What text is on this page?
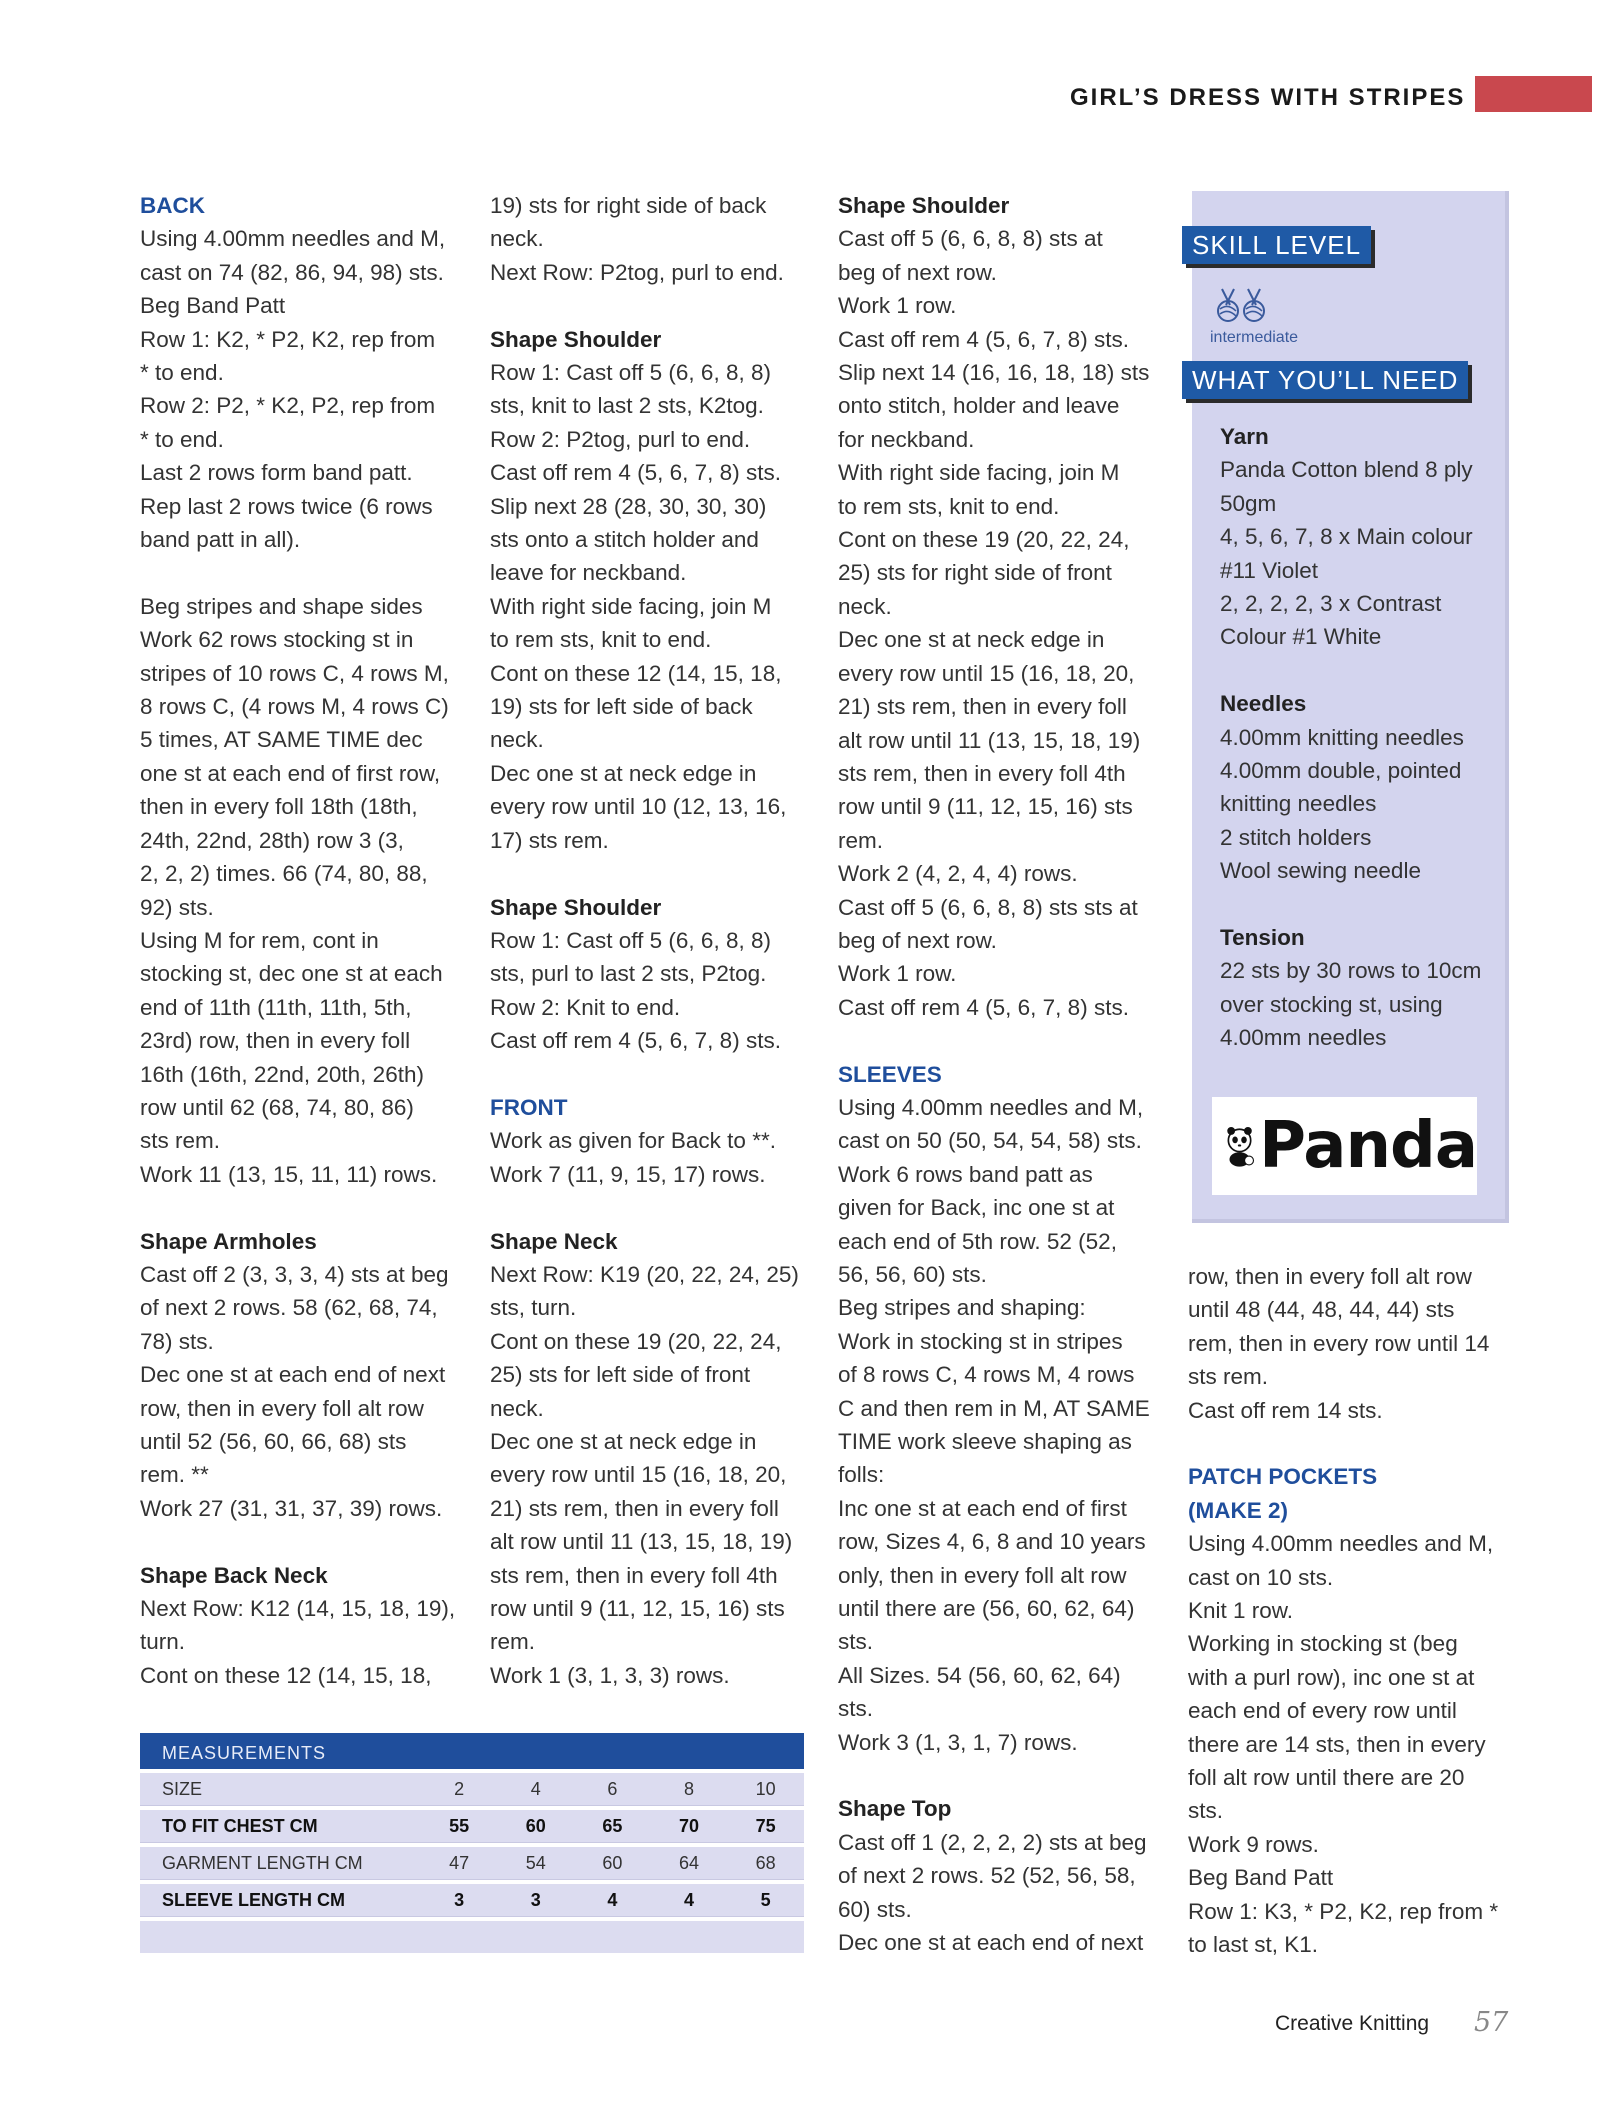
GIRL’S DRESS WITH STRIPES
BACK
Using 4.00mm needles and M,
cast on 74 (82, 86, 94, 98) sts.
Beg Band Patt
Row 1: K2, * P2, K2, rep from
* to end.
Row 2: P2, * K2, P2, rep from
* to end.
Last 2 rows form band patt.
Rep last 2 rows twice (6 rows
band patt in all).
Beg stripes and shape sides
Work 62 rows stocking st in
stripes of 10 rows C, 4 rows M,
8 rows C, (4 rows M, 4 rows C)
5 times, AT SAME TIME dec
one st at each end of first row,
then in every foll 18th (18th,
24th, 22nd, 28th) row 3 (3,
2, 2, 2) times. 66 (74, 80, 88,
92) sts.
Using M for rem, cont in
stocking st, dec one st at each
end of 11th (11th, 11th, 5th,
23rd) row, then in every foll
16th (16th, 22nd, 20th, 26th)
row until 62 (68, 74, 80, 86)
sts rem.
Work 11 (13, 15, 11, 11) rows.
Shape Armholes
Cast off 2 (3, 3, 3, 4) sts at beg
of next 2 rows. 58 (62, 68, 74,
78) sts.
Dec one st at each end of next
row, then in every foll alt row
until 52 (56, 60, 66, 68) sts
rem. **
Work 27 (31, 31, 37, 39) rows.
Shape Back Neck
Next Row: K12 (14, 15, 18, 19),
turn.
Cont on these 12 (14, 15, 18,
19) sts for right side of back
neck.
Next Row: P2tog, purl to end.
Shape Shoulder
Row 1: Cast off 5 (6, 6, 8, 8)
sts, knit to last 2 sts, K2tog.
Row 2: P2tog, purl to end.
Cast off rem 4 (5, 6, 7, 8) sts.
Slip next 28 (28, 30, 30, 30)
sts onto a stitch holder and
leave for neckband.
With right side facing, join M
to rem sts, knit to end.
Cont on these 12 (14, 15, 18,
19) sts for left side of back
neck.
Dec one st at neck edge in
every row until 10 (12, 13, 16,
17) sts rem.
Shape Shoulder
Row 1: Cast off 5 (6, 6, 8, 8)
sts, purl to last 2 sts, P2tog.
Row 2: Knit to end.
Cast off rem 4 (5, 6, 7, 8) sts.
FRONT
Work as given for Back to **.
Work 7 (11, 9, 15, 17) rows.
Shape Neck
Next Row: K19 (20, 22, 24, 25)
sts, turn.
Cont on these 19 (20, 22, 24,
25) sts for left side of front
neck.
Dec one st at neck edge in
every row until 15 (16, 18, 20,
21) sts rem, then in every foll
alt row until 11 (13, 15, 18, 19)
sts rem, then in every foll 4th
row until 9 (11, 12, 15, 16) sts
rem.
Work 1 (3, 1, 3, 3) rows.
Shape Shoulder
Cast off 5 (6, 6, 8, 8) sts at
beg of next row.
Work 1 row.
Cast off rem 4 (5, 6, 7, 8) sts.
Slip next 14 (16, 16, 18, 18) sts
onto stitch, holder and leave
for neckband.
With right side facing, join M
to rem sts, knit to end.
Cont on these 19 (20, 22, 24,
25) sts for right side of front
neck.
Dec one st at neck edge in
every row until 15 (16, 18, 20,
21) sts rem, then in every foll
alt row until 11 (13, 15, 18, 19)
sts rem, then in every foll 4th
row until 9 (11, 12, 15, 16) sts
rem.
Work 2 (4, 2, 4, 4) rows.
Cast off 5 (6, 6, 8, 8) sts sts at
beg of next row.
Work 1 row.
Cast off rem 4 (5, 6, 7, 8) sts.
SLEEVES
Using 4.00mm needles and M,
cast on 50 (50, 54, 54, 58) sts.
Work 6 rows band patt as
given for Back, inc one st at
each end of 5th row. 52 (52,
56, 56, 60) sts.
Beg stripes and shaping:
Work in stocking st in stripes
of 8 rows C, 4 rows M, 4 rows
C and then rem in M, AT SAME
TIME work sleeve shaping as
folls:
Inc one st at each end of first
row, Sizes 4, 6, 8 and 10 years
only, then in every foll alt row
until there are (56, 60, 62, 64)
sts.
All Sizes. 54 (56, 60, 62, 64)
sts.
Work 3 (1, 3, 1, 7) rows.
Shape Top
Cast off 1 (2, 2, 2, 2) sts at beg
of next 2 rows. 52 (52, 56, 58,
60) sts.
Dec one st at each end of next
row, then in every foll alt row
until 48 (44, 48, 44, 44) sts
rem, then in every row until 14
sts rem.
Cast off rem 14 sts.
PATCH POCKETS
(MAKE 2)
Using 4.00mm needles and M,
cast on 10 sts.
Knit 1 row.
Working in stocking st (beg
with a purl row), inc one st at
each end of every row until
there are 14 sts, then in every
foll alt row until there are 20
sts.
Work 9 rows.
Beg Band Patt
Row 1: K3, * P2, K2, rep from *
to last st, K1.
SKILL LEVEL
intermediate
WHAT YOU’LL NEED
Yarn
Panda Cotton blend 8 ply
50gm
4, 5, 6, 7, 8 x Main colour
#11 Violet
2, 2, 2, 2, 3 x Contrast
Colour #1 White
Needles
4.00mm knitting needles
4.00mm double, pointed
knitting needles
2 stitch holders
Wool sewing needle
Tension
22 sts by 30 rows to 10cm
over stocking st, using
4.00mm needles
Panda
MEASUREMENTS
SIZE	2	4	6	8	10
TO FIT CHEST CM	55	60	65	70	75
GARMENT LENGTH CM	47	54	60	64	68
SLEEVE LENGTH CM	3	3	4	4	5
Creative Knitting 57
